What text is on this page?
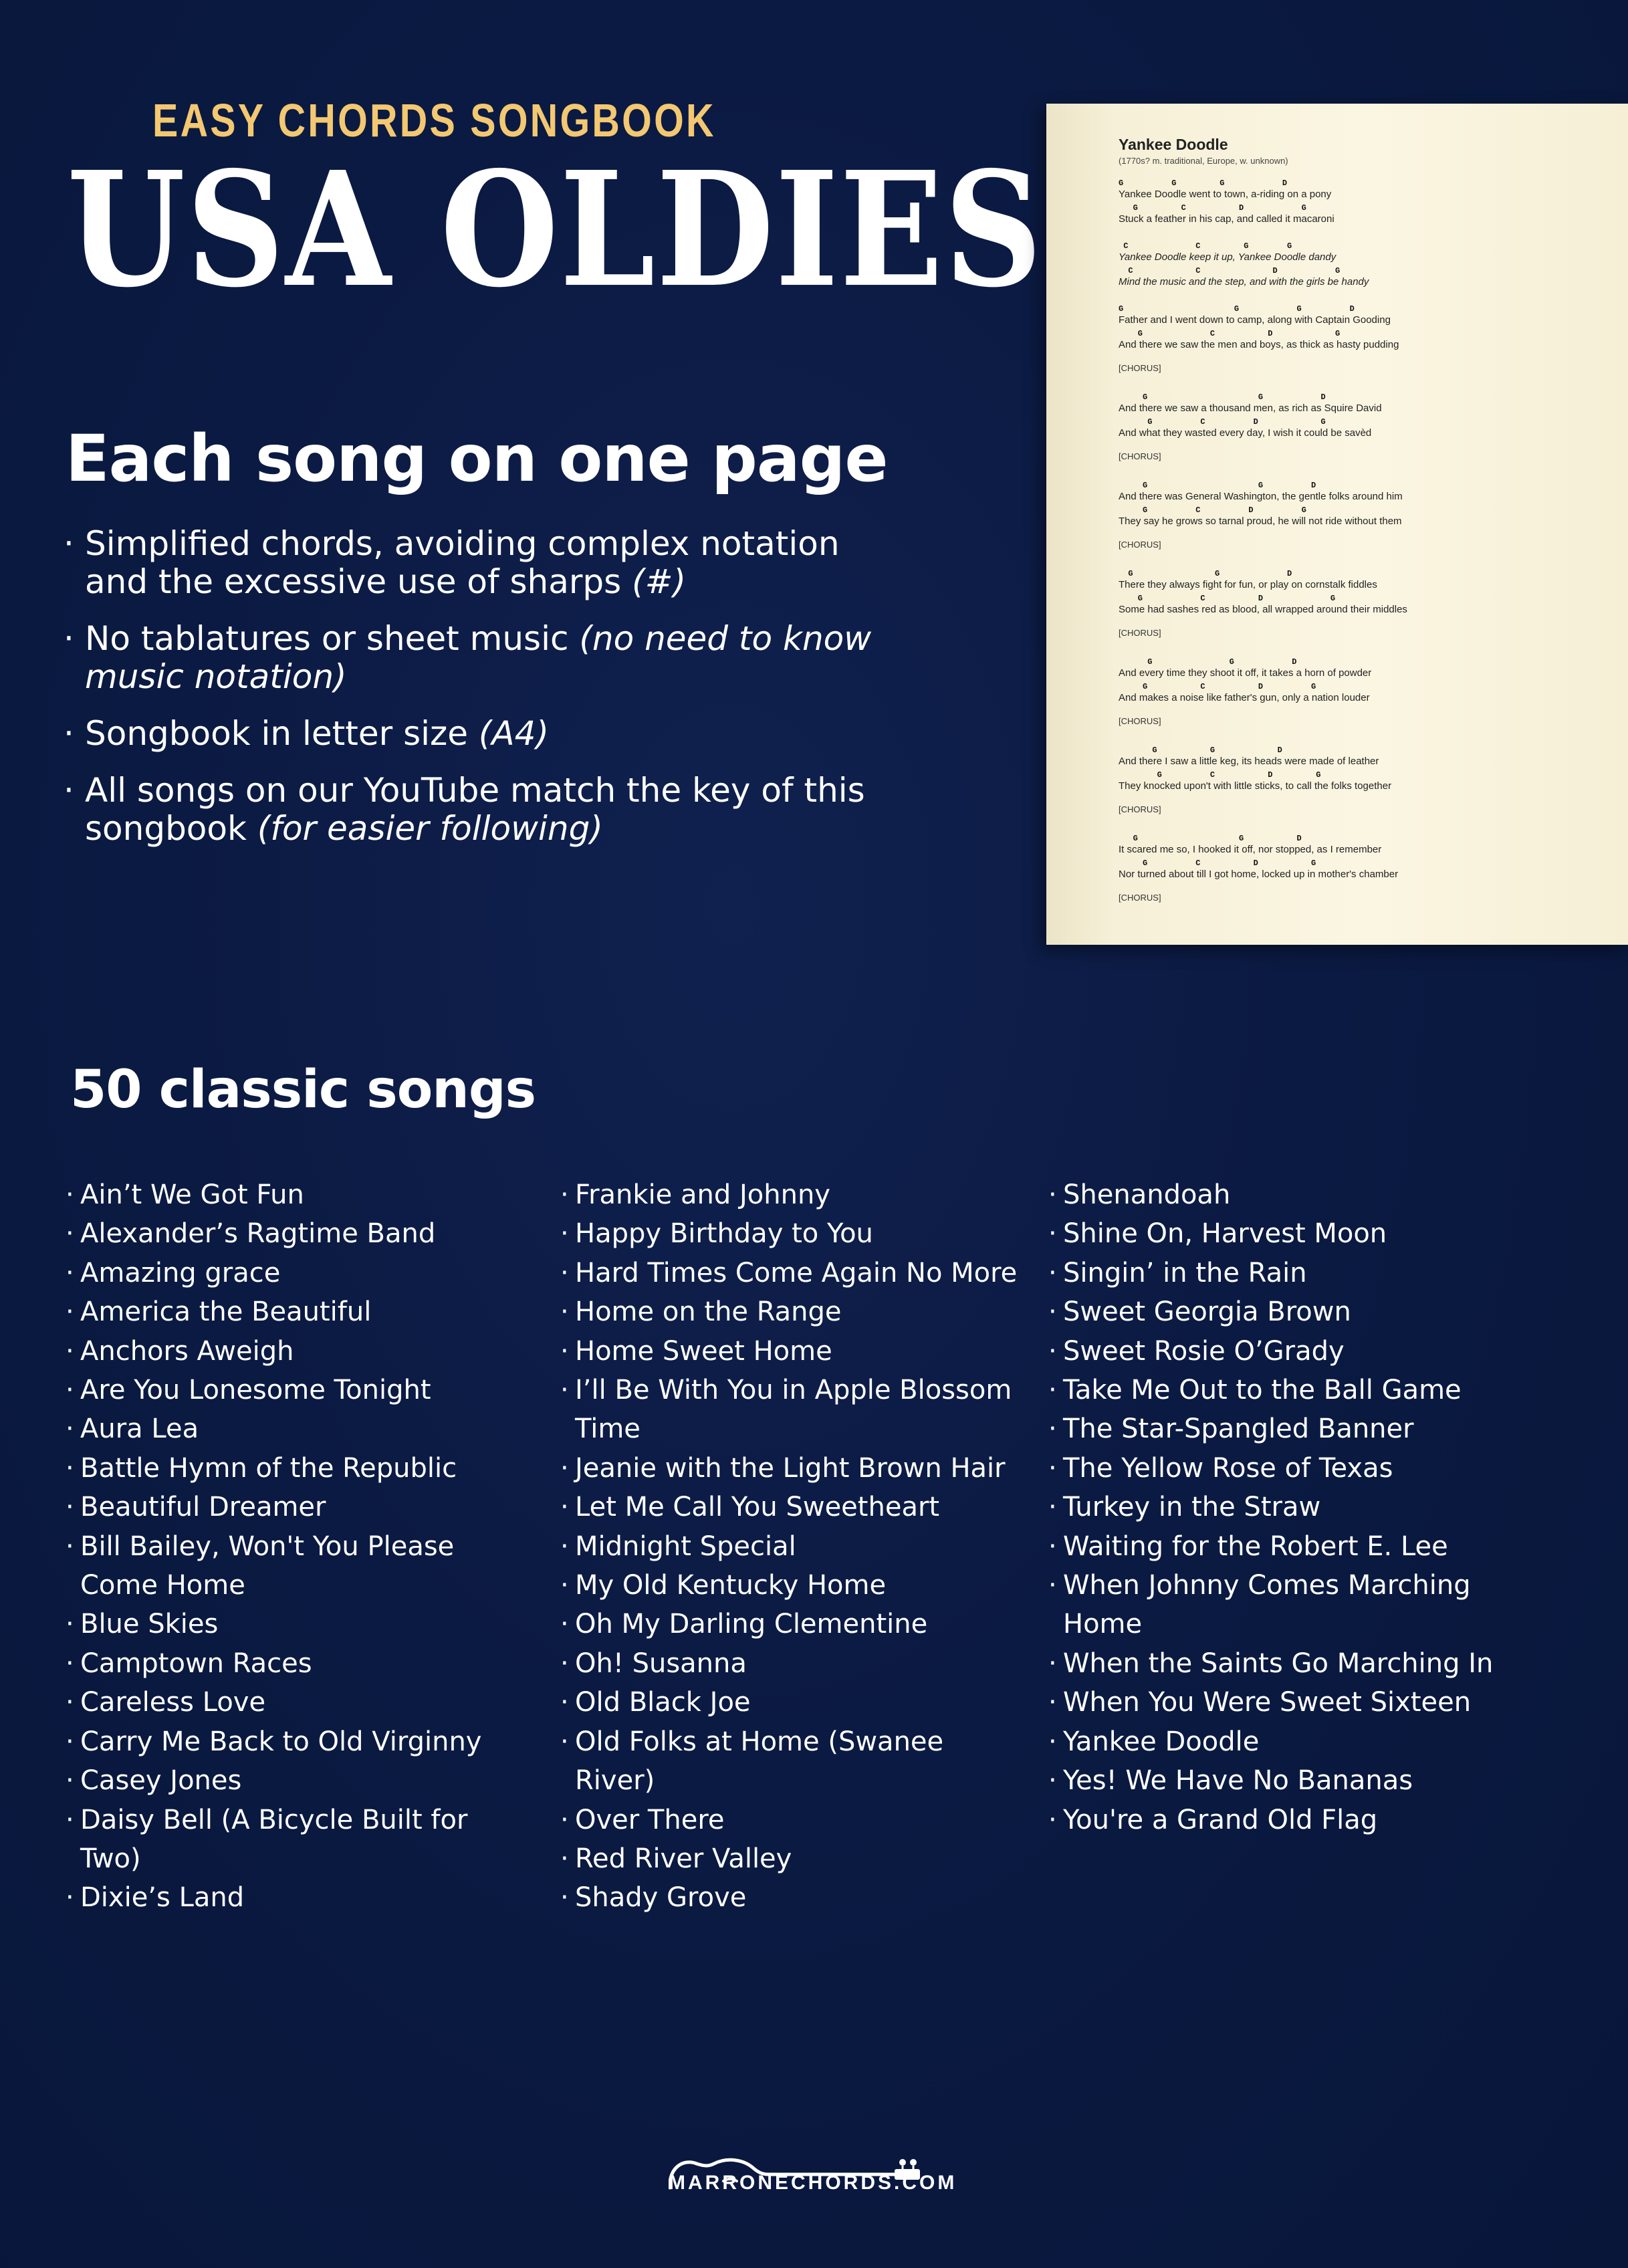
EASY CHORDS SONGBOOK
USA OLDIES
Each song on one page
· Simplified chords, avoiding complex notation and the excessive use of sharps (#)
· No tablatures or sheet music (no need to know music notation)
· Songbook in letter size (A4)
· All songs on our YouTube match the key of this songbook (for easier following)
Yankee Doodle
(1770s? m. traditional, Europe, w. unknown)
G          G         G            D
Yankee Doodle went to town, a-riding on a pony
G         C           D            G
Stuck a feather in his cap, and called it macaroni
C              C         G        G
Yankee Doodle keep it up, Yankee Doodle dandy
C             C               D            G
Mind the music and the step, and with the girls be handy
G                       G            G          D
Father and I went down to camp, along with Captain Gooding
G              C           D             G
And there we saw the men and boys, as thick as hasty pudding
[CHORUS]
G                       G            D
And there we saw a thousand men, as rich as Squire David
G          C          D             G
And what they wasted every day, I wish it could be savèd
[CHORUS]
G                       G          D
And there was General Washington, the gentle folks around him
G          C          D          G
They say he grows so tarnal proud, he will not ride without them
[CHORUS]
G                 G              D
There they always fight for fun, or play on cornstalk fiddles
G            C           D              G
Some had sashes red as blood, all wrapped around their middles
[CHORUS]
G                G            D
And every time they shoot it off, it takes a horn of powder
G           C           D          G
And makes a noise like father's gun, only a nation louder
[CHORUS]
G           G             D
And there I saw a little keg, its heads were made of leather
G          C           D         G
They knocked upon't with little sticks, to call the folks together
[CHORUS]
G                     G           D
It scared me so, I hooked it off, nor stopped, as I remember
G          C           D           G
Nor turned about till I got home, locked up in mother's chamber
[CHORUS]
50 classic songs
· Ain’t We Got Fun
· Alexander’s Ragtime Band
· Amazing grace
· America the Beautiful
· Anchors Aweigh
· Are You Lonesome Tonight
· Aura Lea
· Battle Hymn of the Republic
· Beautiful Dreamer
· Bill Bailey, Won't You Please Come Home
· Blue Skies
· Camptown Races
· Careless Love
· Carry Me Back to Old Virginny
· Casey Jones
· Daisy Bell (A Bicycle Built for Two)
· Dixie’s Land
· Frankie and Johnny
· Happy Birthday to You
· Hard Times Come Again No More
· Home on the Range
· Home Sweet Home
· I’ll Be With You in Apple Blossom Time
· Jeanie with the Light Brown Hair
· Let Me Call You Sweetheart
· Midnight Special
· My Old Kentucky Home
· Oh My Darling Clementine
· Oh! Susanna
· Old Black Joe
· Old Folks at Home (Swanee River)
· Over There
· Red River Valley
· Shady Grove
· Shenandoah
· Shine On, Harvest Moon
· Singin’ in the Rain
· Sweet Georgia Brown
· Sweet Rosie O’Grady
· Take Me Out to the Ball Game
· The Star-Spangled Banner
· The Yellow Rose of Texas
· Turkey in the Straw
· Waiting for the Robert E. Lee
· When Johnny Comes Marching Home
· When the Saints Go Marching In
· When You Were Sweet Sixteen
· Yankee Doodle
· Yes! We Have No Bananas
· You're a Grand Old Flag
MARRONECHORDS.COM
